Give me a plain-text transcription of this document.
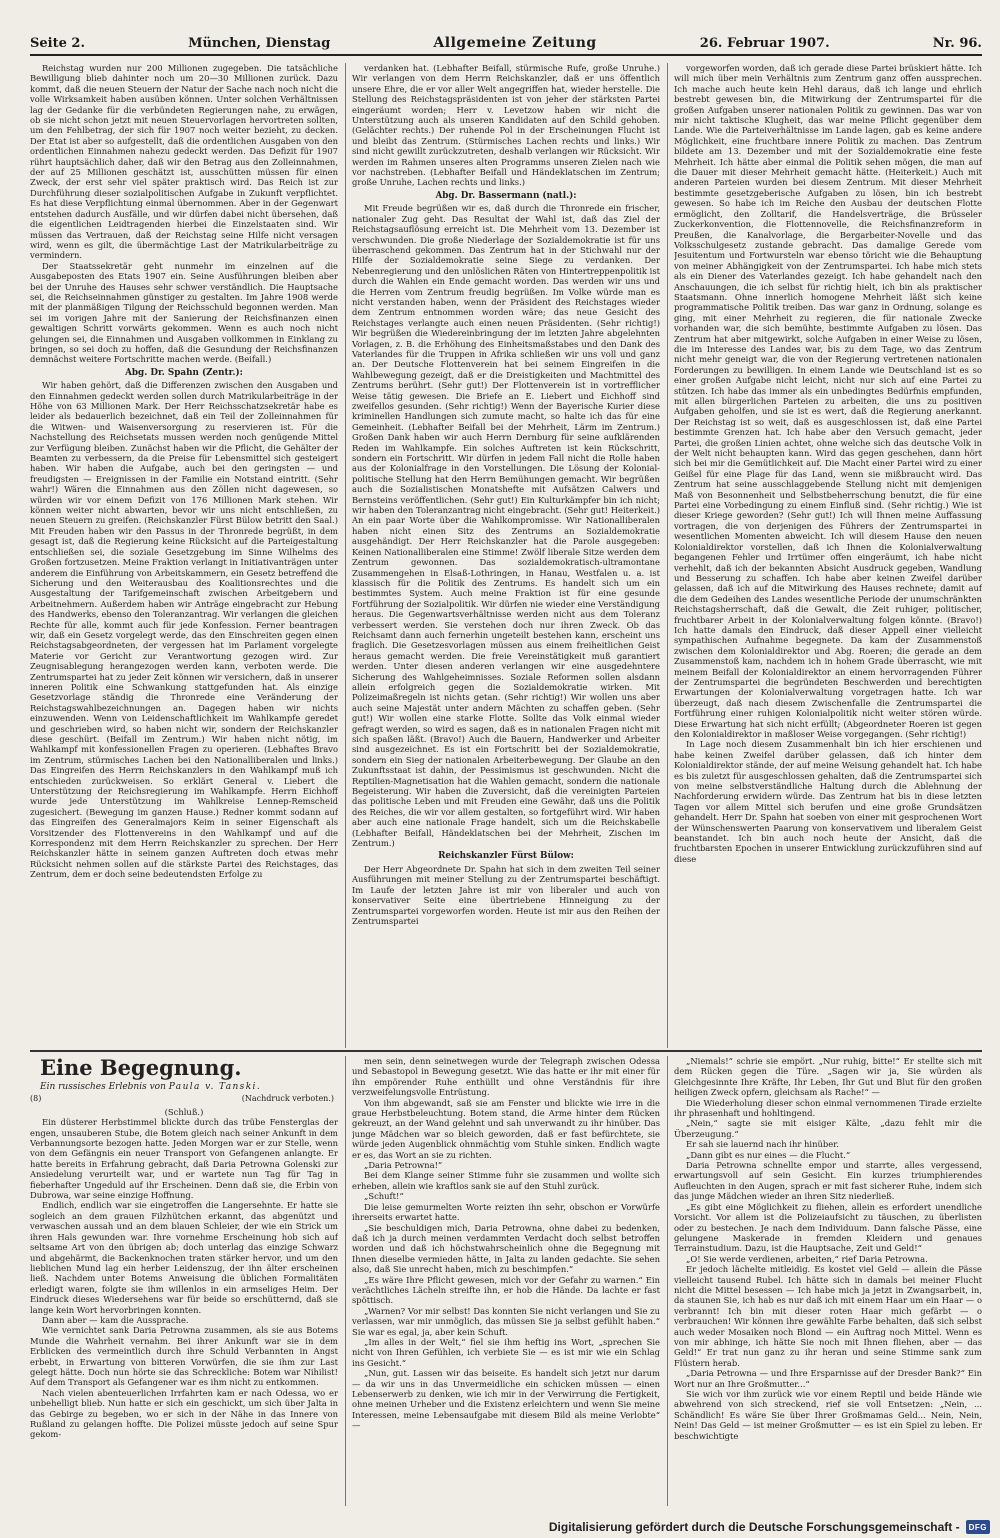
Seite 2.	München, Dienstag	Allgemeine Zeitung	26. Februar 1907.	Nr. 96.

Reichstag wurden nur 200 Millionen zugegeben. Die tatsächliche Bewilligung blieb dahinter noch um 20—30 Millionen zurück. Dazu kommt, daß die neuen Steuern der Natur der Sache nach noch nicht die volle Wirksamkeit haben ausüben können. Unter solchen Verhältnissen lag der Gedanke für die verbündeten Regierungen nahe, zu erwägen, ob sie nicht schon jetzt mit neuen Steuervorlagen hervortreten sollten, um den Fehlbetrag, der sich für 1907 noch weiter bezieht, zu decken. Der Etat ist aber so aufgestellt, daß die ordentlichen Ausgaben von den ordentlichen Einnahmen nahezu gedeckt werden. Das Defizit für 1907 rührt hauptsächlich daher, daß wir den Betrag aus den Zolleinnahmen, der auf 25 Millionen geschätzt ist, ausschütten müssen für einen Zweck, der erst sehr viel später praktisch wird. Das Reich ist zur Durchführung dieser sozialpolitischen Aufgabe in Zukunft verpflichtet. Es hat diese Verpflichtung einmal übernommen. Aber in der Gegenwart entstehen dadurch Ausfälle, und wir dürfen dabei nicht übersehen, daß die eigentlichen Leidtragenden hierbei die Einzelstaaten sind. Wir müssen das Vertrauen, daß der Reichstag seine Hilfe nicht versagen wird, wenn es gilt, die übermächtige Last der Matrikularbeiträge zu vermindern.

Der Staatssekretär geht nunmehr im einzelnen auf die Ausgabeposten des Etats 1907 ein. Seine Ausführungen bleiben aber bei der Unruhe des Hauses sehr schwer verständlich. Die Hauptsache sei, die Reichseinnahmen günstiger zu gestalten. Im Jahre 1908 werde mit der planmäßigen Tilgung der Reichsschuld begonnen werden. Man sei im vorigen Jahre mit der Sanierung der Reichsfinanzen einen gewaltigen Schritt vorwärts gekommen. Wenn es auch noch nicht gelungen sei, die Einnahmen und Ausgaben vollkommen in Einklang zu bringen, so sei doch zu hoffen, daß die Gesundung der Reichsfinanzen demnächst weitere Fortschritte machen werde. (Beifall.)

Abg. Dr. Spahn (Zentr.):

Wir haben gehört, daß die Differenzen zwischen den Ausgaben und den Einnahmen gedeckt werden sollen durch Matrikularbeiträge in der Höhe von 63 Millionen Mark. Der Herr Reichsschatzsekretär habe es leider als bedauerlich bezeichnet, daß ein Teil der Zolleinnahmen für die Witwen- und Waisenversorgung zu reservieren ist. Für die Nachstellung des Reichsetats mussen werden noch genügende Mittel zur Verfügung bleiben. Zunächst haben wir die Pflicht, die Gehälter der Beamten zu verbessern, da die Preise für Lebensmittel sich gesteigert haben. Wir haben die Aufgabe, auch bei den geringsten — und freudigsten — Ereignissen in der Familie ein Notstand eintritt. (Sehr wahr!) Wären die Einnahmen aus den Zöllen nicht dagewesen, so würden wir vor einem Defizit von 176 Millionen Mark stehen. Wir können weiter nicht abwarten, bevor wir uns nicht entschließen, zu neuen Steuern zu greifen. (Reichskanzler Fürst Bülow betritt den Saal.) Mit Freuden haben wir den Passus in der Thronrede begrüßt, in dem gesagt ist, daß die Regierung keine Rücksicht auf die Parteigestaltung entschließen sei, die soziale Gesetzgebung im Sinne Wilhelms des Großen fortzusetzen. Meine Fraktion verlangt in Initiativanträgen unter anderem die Einführung von Arbeitskammern, ein Gesetz betreffend die Sicherung und den Weiterausbau des Koalitionsrechtes und die Ausgestaltung der Tarifgemeinschaft zwischen Arbeitgebern und Arbeitnehmern. Außerdem haben wir Anträge eingebracht zur Hebung des Handwerks, ebenso den Toleranzantrag. Wir verlangen die gleichen Rechte für alle, kommt auch für jede Konfession. Ferner beantragen wir, daß ein Gesetz vorgelegt werde, das den Einschreiten gegen einen Reichstagsabgeordneten, der vergessen hat im Parlament vorgelegte Materie vor Gericht zur Verantwortung gezogen wird. Zur Zeugnisablegung herangezogen werden kann, verboten werde. Die Zentrumspartei hat zu jeder Zeit können wir versichern, daß in unserer inneren Politik eine Schwankung stattgefunden hat. Als einzige Gesetzvorlage ständig die Thronrede eine Veränderung der Reichstagswahlbezeichnungen an. Dagegen haben wir nichts einzuwenden. Wenn von Leidenschaftlichkeit im Wahlkampfe geredet und geschrieben wird, so haben nicht wir, sondern der Reichskanzler diese geschürt. (Beifall im Zentrum.) Wir haben nicht nötig, im Wahlkampf mit konfessionellen Fragen zu operieren. (Lebhaftes Bravo im Zentrum, stürmisches Lachen bei den Nationalliberalen und links.) Das Eingreifen des Herrn Reichskanzlers in den Wahlkampf muß ich entschieden zurückweisen. So erklärt General v. Liebert die Unterstützung der Reichsregierung im Wahlkampfe. Herrn Eichhoff wurde jede Unterstützung im Wahlkreise Lennep-Remscheid zugesichert. (Bewegung im ganzen Hause.) Redner kommt sodann auf das Eingreifen des Generalmajors Keim in seiner Eigenschaft als Vorsitzender des Flottenvereins in den Wahlkampf und auf die Korrespondenz mit dem Herrn Reichskanzler zu sprechen. Der Herr Reichskanzler hätte in seinem ganzen Auftreten doch etwas mehr Rücksicht nehmen sollen auf die stärkste Partei des Reichstages, das Zentrum, dem er doch seine bedeutendsten Erfolge zu

verdanken hat. (Lebhafter Beifall, stürmische Rufe, große Unruhe.) Wir verlangen von dem Herrn Reichskanzler, daß er uns öffentlich unsere Ehre, die er vor aller Welt angegriffen hat, wieder herstelle. Die Stellung des Reichstagspräsidenten ist von jeher der stärksten Partei eingeräumt worden; Herr v. Levetzow haben wir nicht die Unterstützung auch als unseren Kandidaten auf den Schild gehoben. (Gelächter rechts.) Der ruhende Pol in der Erscheinungen Flucht ist und bleibt das Zentrum. (Stürmisches Lachen rechts und links.) Wir sind nicht gewillt zurückzutreten, deshalb verlangen wir Rücksicht. Wir werden im Rahmen unseres alten Programms unseren Zielen nach wie vor nachstreben. (Lebhafter Beifall und Händeklatschen im Zentrum; große Unruhe, Lachen rechts und links.)

Abg. Dr. Bassermann (natl.):

Mit Freude begrüßen wir es, daß durch die Thronrede ein frischer, nationaler Zug geht. Das Resultat der Wahl ist, daß das Ziel der Reichstagsauflösung erreicht ist. Die Mehrheit vom 13. Dezember ist verschwunden. Die große Niederlage der Sozialdemokratie ist für uns überraschend gekommen. Das Zentrum hat in der Stichwahl nur der Hilfe der Sozialdemokratie seine Siege zu verdanken. Der Nebenregierung und den unlöslichen Räten von Hintertreppenpolitik ist durch die Wahlen ein Ende gemacht worden. Das werden wir uns und die Herren vom Zentrum freudig begrüßen. Im Volke würde man es nicht verstanden haben, wenn der Präsident des Reichstages wieder dem Zentrum entnommen worden wäre; das neue Gesicht des Reichstages verlangte auch einen neuen Präsidenten. (Sehr richtig!) Wir begrüßen die Wiedereinbringung der im letzten Jahre abgelehnten Vorlagen, z. B. die Erhöhung des Einheitsmaßstabes und den Dank des Vaterlandes für die Truppen in Afrika schließen wir uns voll und ganz an. Der Deutsche Flottenverein hat bei seinem Eingreifen in die Wahlbewegung gezeigt, daß er die Dreistigkeiten und Machtmittel des Zentrums berührt. (Sehr gut!) Der Flottenverein ist in vortrefflicher Weise tätig gewesen. Die Briefe an E. Liebert und Eichhoff sind zweifellos gesunden. (Sehr richtig!) Wenn der Bayerische Kurier diese kriminellen Handlungen sich zumute macht, so halte ich das für eine Gemeinheit. (Lebhafter Beifall bei der Mehrheit, Lärm im Zentrum.) Großen Dank haben wir auch Herrn Dernburg für seine aufklärenden Reden im Wahlkampfe. Ein solches Auftreten ist kein Rückschritt, sondern ein Fortschritt. Wir dürfen in jedem Fall nicht die Rolle haben aus der Kolonialfrage in den Vorstellungen. Die Lösung der Kolonial-politische Stellung hat den Herrn Bemühungen gemacht. Wir begrüßen auch die Sozialistischen Monatshefte mit Aufsätzen Calwers und Bernsteins veröffentlichen. (Sehr gut!) Ein Kulturkämpfer bin ich nicht; wir haben den Toleranzantrag nicht eingebracht. (Sehr gut! Heiterkeit.) An ein paar Worte über die Wahlkompromisse. Wir Nationalliberalen haben nicht einen Sitz des Zentrums an Sozialdemokratie ausgehändigt. Der Herr Reichskanzler hat die Parole ausgegeben: Keinen Nationalliberalen eine Stimme! Zwölf liberale Sitze werden dem Zentrum gewonnen. Das sozialdemokratisch-ultramontane Zusammengehen in Elsaß-Lothringen, in Hanau, Westfalen u. a. ist klassisch für die Politik des Zentrums. Es handelt sich um ein bestimmtes System. Auch meine Fraktion ist für eine gesunde Fortführung der Sozialpolitik. Wir dürfen nie wieder eine Verständigung heraus. Die Gegenwartsverhältnisse werden nicht aus dem Toleranz verbessert werden. Sie verstehen doch nur ihren Zweck. Ob das Reichsamt dann auch fernerhin ungeteilt bestehen kann, erscheint uns fraglich. Die Gesetzesvorlagen müssen aus einem freiheitlichen Geist heraus gemacht werden. Die freie Vereinstätigkeit muß garantiert werden. Unter diesen anderen verlangen wir eine ausgedehntere Sicherung des Wahlgeheimnisses. Soziale Reformen sollen alsdann allein erfolgreich gegen die Sozialdemokratie wirken. Mit Polizeimaßregeln ist nichts getan. (Sehr richtig!) Wir wollen uns aber auch seine Majestät unter andern Mächten zu schaffen geben. (Sehr gut!) Wir wollen eine starke Flotte. Sollte das Volk einmal wieder gefragt werden, so wird es sagen, daß es in nationalen Fragen nicht mit sich spaßen läßt. (Bravo!) Auch die Bauern, Handwerker und Arbeiter sind ausgezeichnet. Es ist ein Fortschritt bei der Sozialdemokratie, sondern ein Sieg der nationalen Arbeiterbewegung. Der Glaube an den Zukunftsstaat ist dahin, der Pessimismus ist geschwunden. Nicht die Reptilien-Magnetisation hat die Wahlen gemacht, sondern die nationale Begeisterung. Wir haben die Zuversicht, daß die vereinigten Parteien das politische Leben und mit Freuden eine Gewähr, daß uns die Politik des Reiches, die wir vor allem gestalten, so fortgeführt wird. Wir haben aber auch eine nationale Frage handelt, sich um die Reichskabelle (Lebhafter Beifall, Händeklatschen bei der Mehrheit, Zischen im Zentrum.)

Reichskanzler Fürst Bülow:

Der Herr Abgeordnete Dr. Spahn hat sich in dem zweiten Teil seiner Ausführungen mit meiner Stellung zu der Zentrumspartei beschäftigt. Im Laufe der letzten Jahre ist mir von liberaler und auch von konservativer Seite eine übertriebene Hinneigung zu der Zentrumspartei vorgeworfen worden. Heute ist mir aus den Reihen der Zentrumspartei

vorgeworfen worden, daß ich gerade diese Partei brüskiert hätte. Ich will mich über mein Verhältnis zum Zentrum ganz offen aussprechen. Ich mache auch heute kein Hehl daraus, daß ich lange und ehrlich bestrebt gewesen bin, die Mitwirkung der Zentrumspartei für die großen Aufgaben unserer nationalen Politik zu gewinnen. Das war von mir nicht taktische Klugheit, das war meine Pflicht gegenüber dem Lande. Wie die Parteiverhältnisse im Lande lagen, gab es keine andere Möglichkeit, eine fruchtbare innere Politik zu machen. Das Zentrum bildete am 13. Dezember und mit der Sozialdemokratie eine feste Mehrheit. Ich hätte aber einmal die Politik sehen mögen, die man auf die Dauer mit dieser Mehrheit gemacht hätte. (Heiterkeit.) Auch mit anderen Parteien wurden bei diesem Zentrum. Mit dieser Mehrheit bestimmte gesetzgeberische Aufgaben zu lösen, bin ich bestrebt gewesen. So habe ich im Reiche den Ausbau der deutschen Flotte ermöglicht, den Zolltarif, die Handelsverträge, die Brüsseler Zuckerkonvention, die Flottennovelle, die Reichsfinanzreform in Preußen, die Kanalvorlage, die Bergarbeiter-Novelle und das Volksschulgesetz zustande gebracht. Das damalige Gerede vom Jesuitentum und Fortwursteln war ebenso töricht wie die Behauptung von meiner Abhängigkeit von der Zentrumspartei. Ich habe mich stets als ein Diener des Vaterlandes gezeigt. Ich habe gehandelt nach den Anschauungen, die ich selbst für richtig hielt, ich bin als praktischer Staatsmann. Ohne innerlich homogene Mehrheit läßt sich keine programmatische Politik treiben. Das war ganz in Ordnung, solange es ging, mit einer Mehrheit zu regieren, die für nationale Zwecke vorhanden war, die sich bemühte, bestimmte Aufgaben zu lösen. Das Zentrum hat aber mitgewirkt, solche Aufgaben in einer Weise zu lösen, die im Interesse des Landes war, bis zu dem Tage, wo das Zentrum nicht mehr geneigt war, die von der Regierung vertretenen nationalen Forderungen zu bewilligen. In einem Lande wie Deutschland ist es so einer großen Aufgabe nicht leicht, nicht nur sich auf eine Partei zu stützen. Ich habe das immer als ein unbedingtes Bedürfnis empfunden, mit allen bürgerlichen Parteien zu arbeiten, die uns zu positiven Aufgaben geholfen, und sie ist es wert, daß die Regierung anerkannt. Der Reichstag ist so weit, daß es ausgeschlossen ist, daß eine Partei bestimmte Grenzen hat. Ich habe aber den Versuch gemacht, jeder Partei, die großen Linien achtet, ohne welche sich das deutsche Volk in der Welt nicht behaupten kann. Wird das gegen geschehen, dann hört sich bei mir die Gemütlichkeit auf. Die Macht einer Partei wird zu einer Geißel für eine Plage für das Land, wenn sie mißbraucht wird. Das Zentrum hat seine ausschlaggebende Stellung nicht mit demjenigen Maß von Besonnenheit und Selbstbeherrschung benutzt, die für eine Partei eine Vorbedingung zu einem Einfluß sind. (Sehr richtig.) Wie ist dieser Kriege geworden? (Sehr gut!) Ich will Ihnen meine Auffassung vortragen, die von derjenigen des Führers der Zentrumspartei in wesentlichen Momenten abweicht. Ich will diesem Hause den neuen Kolonialdirektor vorstellen, daß ich Ihnen die Kolonialverwaltung begangenen Fehler und Irrtümer offen eingeräumt, ich habe nicht verhehlt, daß ich der bekannten Absicht Ausdruck gegeben, Wandlung und Besserung zu schaffen. Ich habe aber keinen Zweifel darüber gelassen, daß ich auf die Mitwirkung des Hauses rechnete; damit auf die dem Gedeihen des Landes wesentliche Periode der unumschränkten Reichstagsherrschaft, daß die Gewalt, die Zeit ruhiger, politischer, fruchtbarer Arbeit in der Kolonialverwaltung folgen könnte. (Bravo!) Ich hatte damals den Eindruck, daß dieser Appell einer vielleicht sympathischen Aufnahme begegnete. Da kam der Zusammenstoß zwischen dem Kolonialdirektor und Abg. Roeren; die gerade an dem Zusammenstoß kam, nachdem ich in hohem Grade überrascht, wie mit meinem Beifall der Kolonialdirektor an einem hervorragenden Führer der Zentrumspartei die begründeten Beschwerden und berechtigten Erwartungen der Kolonialverwaltung vorgetragen hatte. Ich war überzeugt, daß nach diesem Zwischenfalle die Zentrumspartei die Fortführung einer ruhigen Kolonialpolitik nicht weiter stören würde. Diese Erwartung hat sich nicht erfüllt; (Abgeordneter Roeren ist gegen den Kolonialdirektor in maßloser Weise vorgegangen. (Sehr richtig!)

In Lage noch diesem Zusammenhalt bin ich hier erschienen und habe keinen Zweifel darüber gelassen, daß ich hinter dem Kolonialdirektor stände, der auf meine Weisung gehandelt hat. Ich habe es bis zuletzt für ausgeschlossen gehalten, daß die Zentrumspartei sich von meine selbstverständliche Haltung durch die Ablehnung der Nachforderung erwidern würde. Das Zentrum hat bis in diese letzten Tagen vor allem Mittel sich berufen und eine große Grundsätzen gehandelt. Herr Dr. Spahn hat soeben von einer mit gesprochenen Wort der Wünschenswerten Paarung von konservativem und liberalem Geist beanstandet. Ich bin auch noch heute der Ansicht, daß die fruchtbarsten Epochen in unserer Entwicklung zurückzuführen sind auf diese

Eine Begegnung.
Ein russisches Erlebnis von Paula v. Tanski.
(8)	(Nachdruck verboten.)

(Schluß.)

Ein düsterer Herbstimmel blickte durch das trübe Fensterglas der engen, unsauberen Stube, die Botem gleich nach seiner Ankunft in dem Verbannungsorte bezogen hatte. Jeden Morgen war er zur Stelle, wenn von dem Gefängnis ein neuer Transport von Gefangenen anlangte. Er hatte bereits in Erfahrung gebracht, daß Daria Petrowna Golenski zur Ansiedelung verurteilt war, und er wartete nun Tag für Tag in fieberhafter Ungeduld auf ihr Erscheinen. Denn daß sie, die Erbin von Dubrowa, war seine einzige Hoffnung.

Endlich, endlich war sie eingetroffen die Langersehnte. Er hatte sie sogleich an dem grauen Filzhütchen erkannt, das abgenützt und verwaschen aussah und an dem blauen Schleier, der wie ein Strick um ihren Hals gewunden war. Ihre vornehme Erscheinung hob sich auf seltsame Art von den übrigen ab; doch unterlag das einzige Schwarz und abgehärmt, die Backenknochen traten stärker hervor, und um den lieblichen Mund lag ein herber Leidenszug, der ihn älter erscheinen ließ. Nachdem unter Botems Anweisung die üblichen Formalitäten erledigt waren, folgte sie ihm willenlos in ein armseliges Heim. Der Eindruck dieses Wiedersehens war für beide so erschütternd, daß sie lange kein Wort hervorbringen konnten.

Dann aber — kam die Aussprache.

Wie vernichtet sank Daria Petrowna zusammen, als sie aus Botems Munde die Wahrheit vernahm. Bei ihrer Ankunft war sie in dem Erblicken des vermeintlich durch ihre Schuld Verbannten in Angst erbebt, in Erwartung von bitteren Vorwürfen, die sie ihm zur Last gelegt hätte. Doch nun hörte sie das Schreckliche: Botem war Nihilist! Auf dem Transport als Gefangener war es ihm nicht zu entkommen.

Nach vielen abenteuerlichen Irrfahrten kam er nach Odessa, wo er unbehelligt blieb. Nun hatte er sich ein geschickt, um sich über Jalta in das Gebirge zu begeben, wo er sich in der Nähe in das Innere von Rußland zu gelangen hoffte. Die Polizei müsste jedoch auf seine Spur gekom-

men sein, denn seinetwegen wurde der Telegraph zwischen Odessa und Sebastopol in Bewegung gesetzt. Wie das hatte er ihr mit einer für ihn empörender Ruhe enthüllt und ohne Verständnis für ihre verzweifelungsvolle Entrüstung.

Von ihm abgewandt, saß sie am Fenster und blickte wie irre in die graue Herbstbeleuchtung. Botem stand, die Arme hinter dem Rücken gekreuzt, an der Wand gelehnt und sah unverwandt zu ihr hinüber. Das junge Mädchen war so bleich geworden, daß er fast befürchtete, sie würde jeden Augenblick ohnmächtig vom Stuhle sinken. Endlich wagte er es, das Wort an sie zu richten.

„Daria Petrowna!“

Bei dem Klange seiner Stimme fuhr sie zusammen und wollte sich erheben, allein wie kraftlos sank sie auf den Stuhl zurück.

„Schuft!“

Die leise gemurmelten Worte reizten ihn sehr, obschon er Vorwürfe ihrerseits erwartet hatte.

„Sie beschuldigen mich, Daria Petrowna, ohne dabei zu bedenken, daß ich ja durch meinen verdammten Verdacht doch selbst betroffen worden und daß ich höchstwahrscheinlich ohne die Begegnung mit Ihnen dieselbe vermieden hätte, in Jalta zu landen gedachte. Sie sehen also, daß Sie unrecht haben, mich zu beschimpfen.“

„Es wäre Ihre Pflicht gewesen, mich vor der Gefahr zu warnen.“ Ein verächtliches Lächeln streifte ihn, er hob die Hände. Da lachte er fast spöttisch.

„Warnen? Vor mir selbst! Das konnten Sie nicht verlangen und Sie zu verlassen, war mir unmöglich, das müssen Sie ja selbst gefühlt haben.“ Sie war es egal, ja, aber kein Schuft.

„Im alles in der Welt,“ fiel sie ihm heftig ins Wort, „sprechen Sie nicht von Ihren Gefühlen, ich verbiete Sie — es ist mir wie ein Schlag ins Gesicht.“

„Nun, gut. Lassen wir das beiseite. Es handelt sich jetzt nur darum — da wir uns in das Unvermeidliche ein schicken müssen — einen Lebenserwerb zu denken, wie ich mir in der Verwirrung die Fertigkeit, ohne meinen Urheber und die Existenz erleichtern und wenn Sie meine Interessen, meine Lebensaufgabe mit diesem Bild als meine Verlobte“ —

„Niemals!“ schrie sie empört. „Nur ruhig, bitte!“ Er stellte sich mit dem Rücken gegen die Türe. „Sagen wir ja, Sie würden als Gleichgesinnte Ihre Kräfte, Ihr Leben, Ihr Gut und Blut für den großen heiligen Zweck opfern, gleichsam als Rache!“ —

Die Wiederholung dieser schon einmal vernommenen Tirade erzielte ihr phrasenhaft und hohltingend.

„Nein,“ sagte sie mit eisiger Kälte, „dazu fehlt mir die Überzeugung.“

Er sah sie lauernd nach ihr hinüber.

„Dann gibt es nur eines — die Flucht.“

Daria Petrowna schnellte empor und starrte, alles vergessend, erwartungsvoll auf sein Gesicht. Ein kurzes triumphierendes Aufleuchten in den Augen, sprach er mit fast sicherer Ruhe, indem sich das junge Mädchen wieder an ihren Sitz niederließ.

„Es gibt eine Möglichkeit zu fliehen, allein es erfordert unendliche Vorsicht. Vor allem ist die Polizeiaufsicht zu täuschen, zu überlisten oder zu bestechen. Je nach dem Individuum. Dann falsche Pässe, eine gelungene Maskerade in fremden Kleidern und genaues Terrainstudium. Dazu, ist die Hauptsache, Zeit und Geld!“

„O! Sie werde verdienen, arbeiten,“ rief Daria Petrowna.

Er jedoch lächelte mitleidig. Es kostet viel Geld — allein die Pässe vielleicht tausend Rubel. Ich hätte sich in damals bei meiner Flucht nicht die Mittel besessen — Ich habe mich ja jetzt in Zwangsarbeit, in, da staunen Sie, ich hab es nur daß ich mit einem Haar um ein Haar — o verbrannt! Ich bin mit dieser roten Haar mich gefärbt — o verbrauchen! Wir können ihre gewählte Farbe behalten, daß sich selbst auch weder Mosaiken noch Blond — ein Auftrag noch Mittel. Wenn es von mir abhinge, ich hätte Sie noch mit Ihnen fliehen, aber — das Geld!“ Er trat nun ganz zu ihr heran und seine Stimme sank zum Flüstern herab.

„Daria Petrowna — und Ihre Ersparnisse auf der Dresder Bank?“ Ein Wort nur an Ihre Großmutter...“

Sie wich vor ihm zurück wie vor einem Reptil und beide Hände wie abwehrend von sich streckend, rief sie voll Entsetzen: „Nein, ... Schändlich! Es wäre Sie über Ihrer Großmamas Geld... Nein, Nein, Nein! Das Geld — ist meiner Großmutter — es ist ein Spiel zu leben. Er beschwichtigte

Digitalisierung gefördert durch die Deutsche Forschungsgemeinschaft - DFG
